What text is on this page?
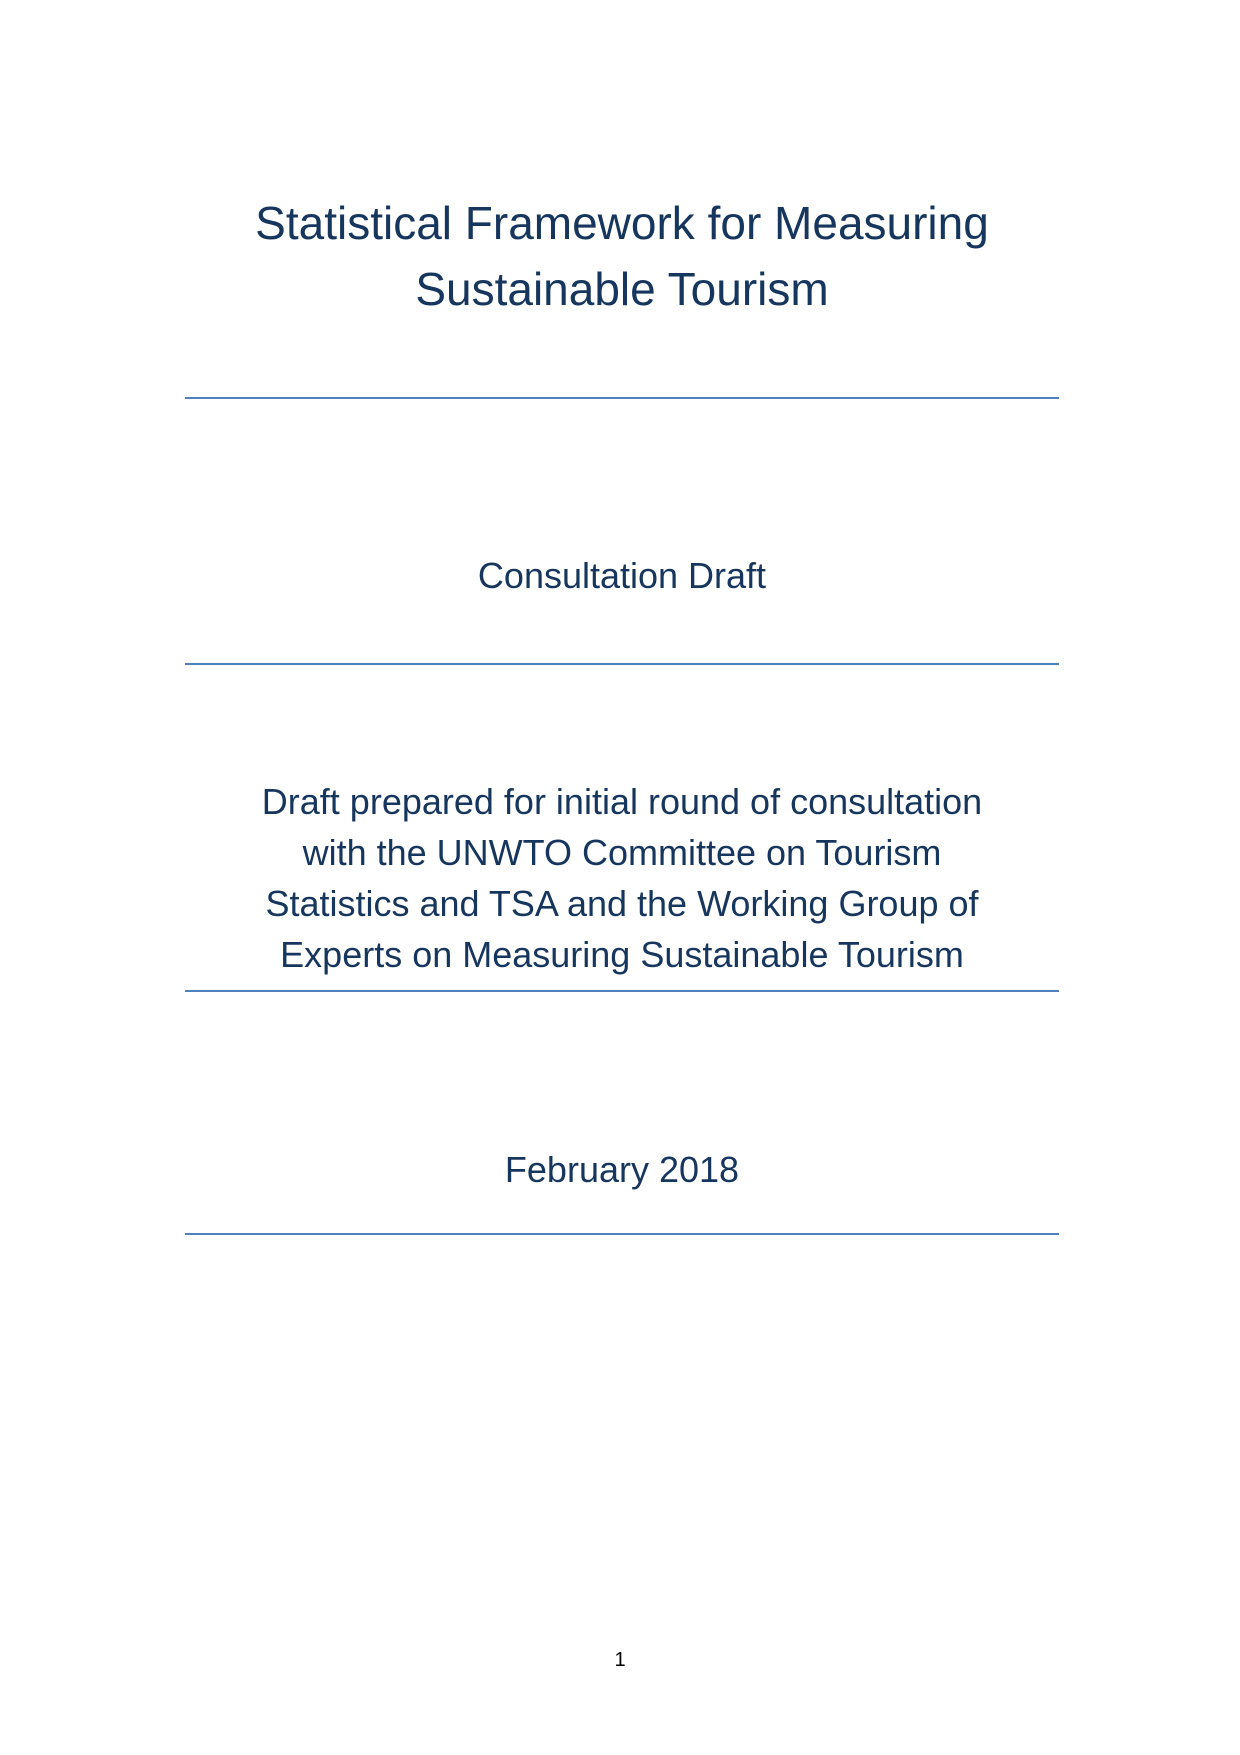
Statistical Framework for Measuring
Sustainable Tourism
Consultation Draft
Draft prepared for initial round of consultation
with the UNWTO Committee on Tourism
Statistics and TSA and the Working Group of
Experts on Measuring Sustainable Tourism
February 2018
1
